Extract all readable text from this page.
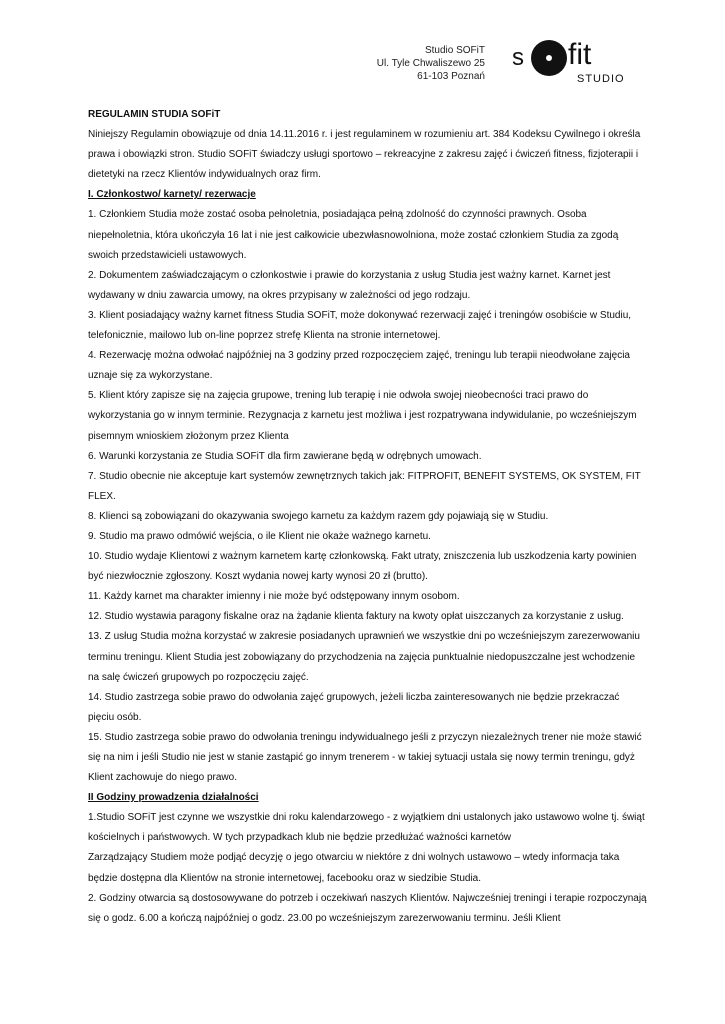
Studio SOFiT
Ul. Tyle Chwaliszewo 25
61-103 Poznań
s fit
STUDIO

REGULAMIN STUDIA SOFiT

Niniejszy Regulamin obowiązuje od dnia 14.11.2016 r. i jest regulaminem w rozumieniu art. 384 Kodeksu Cywilnego i określa prawa i obowiązki stron. Studio SOFiT świadczy usługi sportowo – rekreacyjne z zakresu zajęć i ćwiczeń fitness, fizjoterapii i dietetyki na rzecz Klientów indywidualnych oraz firm.

I. Członkostwo/ karnety/ rezerwacje

1. Członkiem Studia może zostać osoba pełnoletnia, posiadająca pełną zdolność do czynności prawnych. Osoba niepełnoletnia, która ukończyła 16 lat i nie jest całkowicie ubezwłasnowolniona, może zostać członkiem Studia za zgodą swoich przedstawicieli ustawowych.

2. Dokumentem zaświadczającym o członkostwie i prawie do korzystania z usług Studia jest ważny karnet. Karnet jest wydawany w dniu zawarcia umowy, na okres przypisany w zależności od jego rodzaju.

3. Klient posiadający ważny karnet fitness Studia SOFiT, może dokonywać rezerwacji zajęć i treningów osobiście w Studiu, telefonicznie, mailowo lub on-line poprzez strefę Klienta na stronie internetowej.

4. Rezerwację można odwołać najpóźniej na 3 godziny przed rozpoczęciem zajęć, treningu lub terapii nieodwołane zajęcia uznaje się za wykorzystane.

5. Klient który zapisze się na zajęcia grupowe, trening lub terapię i nie odwoła swojej nieobecności traci prawo do wykorzystania go w innym terminie. Rezygnacja z karnetu jest możliwa i jest rozpatrywana indywidulanie, po wcześniejszym pisemnym wnioskiem złożonym przez Klienta

6. Warunki korzystania ze Studia SOFiT dla firm zawierane będą w odrębnych umowach.

7. Studio obecnie nie akceptuje kart systemów zewnętrznych takich jak: FITPROFIT, BENEFIT SYSTEMS, OK SYSTEM, FIT FLEX.

8. Klienci są zobowiązani do okazywania swojego karnetu za każdym razem gdy pojawiają się w Studiu.

9. Studio ma prawo odmówić wejścia, o ile Klient nie okaże ważnego karnetu.

10. Studio wydaje Klientowi z ważnym karnetem kartę członkowską. Fakt utraty, zniszczenia lub uszkodzenia karty powinien być niezwłocznie zgłoszony. Koszt wydania nowej karty wynosi 20 zł (brutto).

11. Każdy karnet ma charakter imienny i nie może być odstępowany innym osobom.

12. Studio wystawia paragony fiskalne oraz na żądanie klienta faktury na kwoty opłat uiszczanych za korzystanie z usług.

13. Z usług Studia można korzystać w zakresie posiadanych uprawnień we wszystkie dni po wcześniejszym zarezerwowaniu terminu treningu. Klient Studia jest zobowiązany do przychodzenia na zajęcia punktualnie niedopuszczalne jest wchodzenie na salę ćwiczeń grupowych po rozpoczęciu zajęć.

14. Studio zastrzega sobie prawo do odwołania zajęć grupowych, jeżeli liczba zainteresowanych nie będzie przekraczać pięciu osób.

15. Studio zastrzega sobie prawo do odwołania treningu indywidualnego jeśli z przyczyn niezależnych trener nie może stawić się na nim i jeśli Studio nie jest w stanie zastąpić go innym trenerem - w takiej sytuacji ustala się nowy termin treningu, gdyż Klient zachowuje do niego prawo.

II Godziny prowadzenia działalności

1.Studio SOFiT jest czynne we wszystkie dni roku kalendarzowego - z wyjątkiem dni ustalonych jako ustawowo wolne tj. świąt kościelnych i państwowych. W tych przypadkach klub nie będzie przedłużać ważności karnetów

Zarządzający Studiem może podjąć decyzję o jego otwarciu w niektóre z dni wolnych ustawowo – wtedy informacja taka będzie dostępna dla Klientów na stronie internetowej, facebooku oraz w siedzibie Studia.

2. Godziny otwarcia są dostosowywane do potrzeb i oczekiwań naszych Klientów. Najwcześniej treningi i terapie rozpoczynają się o godz. 6.00 a kończą najpóźniej o godz. 23.00 po wcześniejszym zarezerwowaniu terminu. Jeśli Klient
